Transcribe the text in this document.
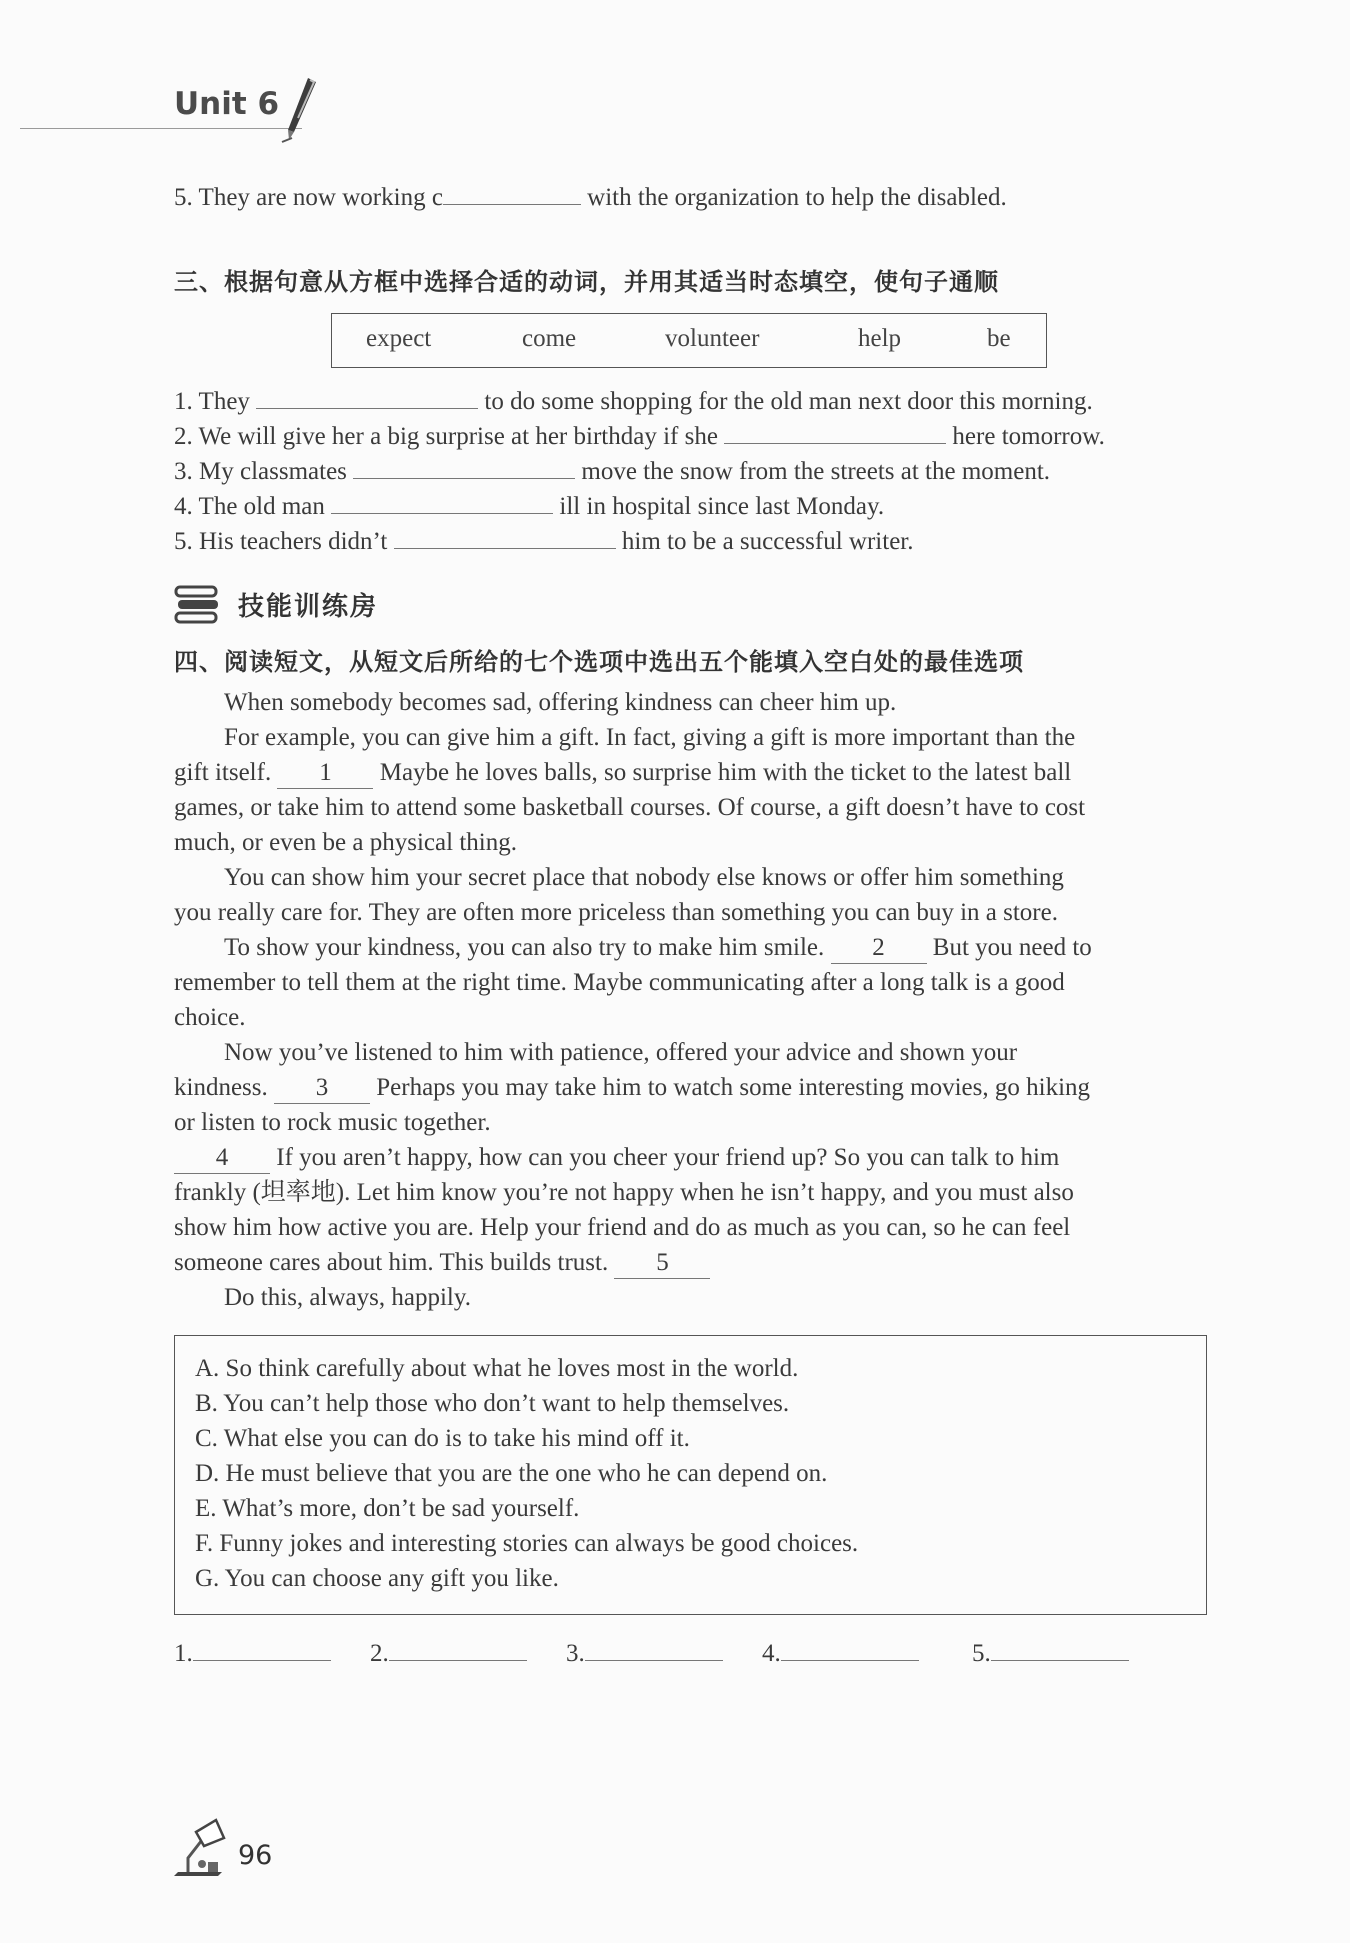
Unit 6
5. They are now working c	with the organization to help the disabled.
三、根据句意从方框中选择合适的动词，并用其适当时态填空，使句子通顺
expect	come	volunteer	help	be
1. They	to do some shopping for the old man next door this morning.
2. We will give her a big surprise at her birthday if she	here tomorrow.
3. My classmates	move the snow from the streets at the moment.
4. The old man	ill in hospital since last Monday.
5. His teachers didn’t	him to be a successful writer.
技能训练房
四、阅读短文，从短文后所给的七个选项中选出五个能填入空白处的最佳选项
When somebody becomes sad, offering kindness can cheer him up.
For example, you can give him a gift. In fact, giving a gift is more important than the
gift itself. 1 Maybe he loves balls, so surprise him with the ticket to the latest ball
games, or take him to attend some basketball courses. Of course, a gift doesn’t have to cost
much, or even be a physical thing.
You can show him your secret place that nobody else knows or offer him something
you really care for. They are often more priceless than something you can buy in a store.
To show your kindness, you can also try to make him smile. 2 But you need to
remember to tell them at the right time. Maybe communicating after a long talk is a good
choice.
Now you’ve listened to him with patience, offered your advice and shown your
kindness. 3 Perhaps you may take him to watch some interesting movies, go hiking
or listen to rock music together.
4 If you aren’t happy, how can you cheer your friend up? So you can talk to him
frankly (坦率地). Let him know you’re not happy when he isn’t happy, and you must also
show him how active you are. Help your friend and do as much as you can, so he can feel
someone cares about him. This builds trust. 5
Do this, always, happily.
A. So think carefully about what he loves most in the world.
B. You can’t help those who don’t want to help themselves.
C. What else you can do is to take his mind off it.
D. He must believe that you are the one who he can depend on.
E. What’s more, don’t be sad yourself.
F. Funny jokes and interesting stories can always be good choices.
G. You can choose any gift you like.
1.	2.	3.	4.	5.
96
